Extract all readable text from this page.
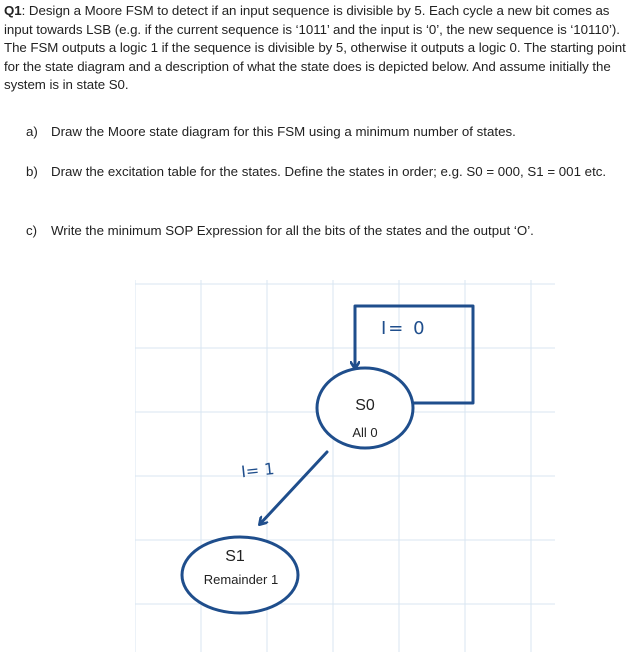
Q1: Design a Moore FSM to detect if an input sequence is divisible by 5. Each cycle a new bit comes as input towards LSB (e.g. if the current sequence is ‘1011’ and the input is ‘0’, the new sequence is ‘10110’). The FSM outputs a logic 1 if the sequence is divisible by 5, otherwise it outputs a logic 0. The starting point for the state diagram and a description of what the state does is depicted below. And assume initially the system is in state S0.
a) Draw the Moore state diagram for this FSM using a minimum number of states.
b) Draw the excitation table for the states. Define the states in order; e.g. S0 = 000, S1 = 001 etc.
c) Write the minimum SOP Expression for all the bits of the states and the output ‘O’.
I= 0
I= 1
S0
All 0
S1
Remainder 1
